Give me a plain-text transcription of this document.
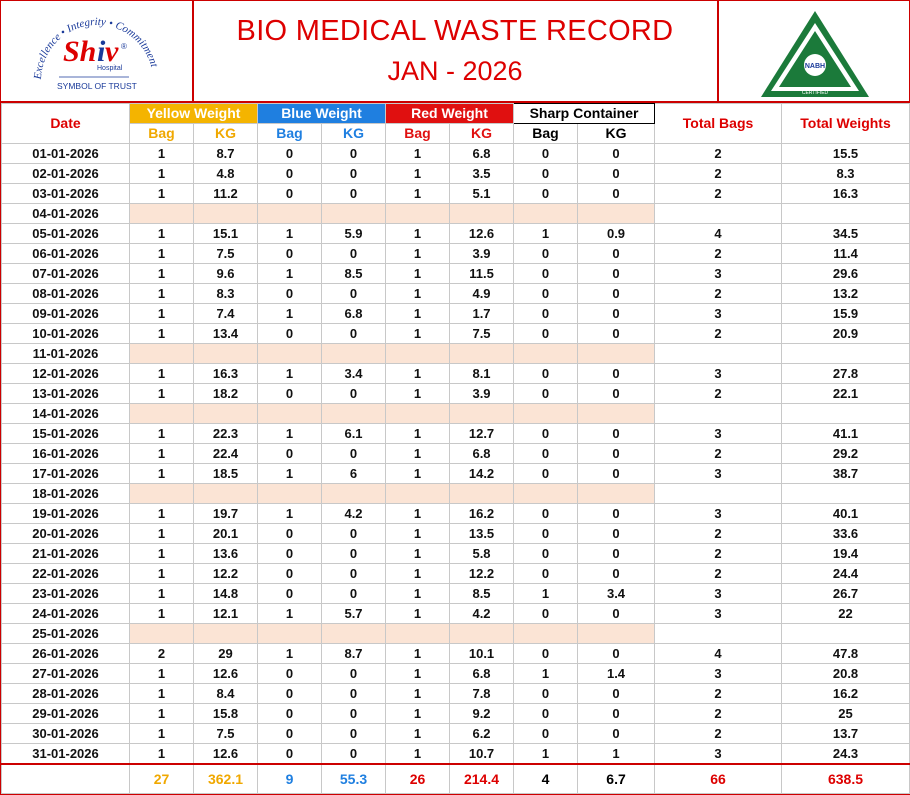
Excellence • Integrity • Commitment
Sh i v ®
Hospital
SYMBOL OF TRUST
BIO MEDICAL WASTE RECORD
JAN - 2026	NABH
CERTIFIED
Date	Yellow Weight		Blue Weight		Red Weight		Sharp Container		Total Bags	Total Weights
	Bag	KG	Bag	KG	Bag	KG	Bag	KG		
01-01-2026	1	8.7	0	0	1	6.8	0	0	2	15.5
02-01-2026	1	4.8	0	0	1	3.5	0	0	2	8.3
03-01-2026	1	11.2	0	0	1	5.1	0	0	2	16.3
04-01-2026										
05-01-2026	1	15.1	1	5.9	1	12.6	1	0.9	4	34.5
06-01-2026	1	7.5	0	0	1	3.9	0	0	2	11.4
07-01-2026	1	9.6	1	8.5	1	11.5	0	0	3	29.6
08-01-2026	1	8.3	0	0	1	4.9	0	0	2	13.2
09-01-2026	1	7.4	1	6.8	1	1.7	0	0	3	15.9
10-01-2026	1	13.4	0	0	1	7.5	0	0	2	20.9
11-01-2026										
12-01-2026	1	16.3	1	3.4	1	8.1	0	0	3	27.8
13-01-2026	1	18.2	0	0	1	3.9	0	0	2	22.1
14-01-2026										
15-01-2026	1	22.3	1	6.1	1	12.7	0	0	3	41.1
16-01-2026	1	22.4	0	0	1	6.8	0	0	2	29.2
17-01-2026	1	18.5	1	6	1	14.2	0	0	3	38.7
18-01-2026										
19-01-2026	1	19.7	1	4.2	1	16.2	0	0	3	40.1
20-01-2026	1	20.1	0	0	1	13.5	0	0	2	33.6
21-01-2026	1	13.6	0	0	1	5.8	0	0	2	19.4
22-01-2026	1	12.2	0	0	1	12.2	0	0	2	24.4
23-01-2026	1	14.8	0	0	1	8.5	1	3.4	3	26.7
24-01-2026	1	12.1	1	5.7	1	4.2	0	0	3	22
25-01-2026										
26-01-2026	2	29	1	8.7	1	10.1	0	0	4	47.8
27-01-2026	1	12.6	0	0	1	6.8	1	1.4	3	20.8
28-01-2026	1	8.4	0	0	1	7.8	0	0	2	16.2
29-01-2026	1	15.8	0	0	1	9.2	0	0	2	25
30-01-2026	1	7.5	0	0	1	6.2	0	0	2	13.7
31-01-2026	1	12.6	0	0	1	10.7	1	1	3	24.3
	27	362.1	9	55.3	26	214.4	4	6.7	66	638.5
